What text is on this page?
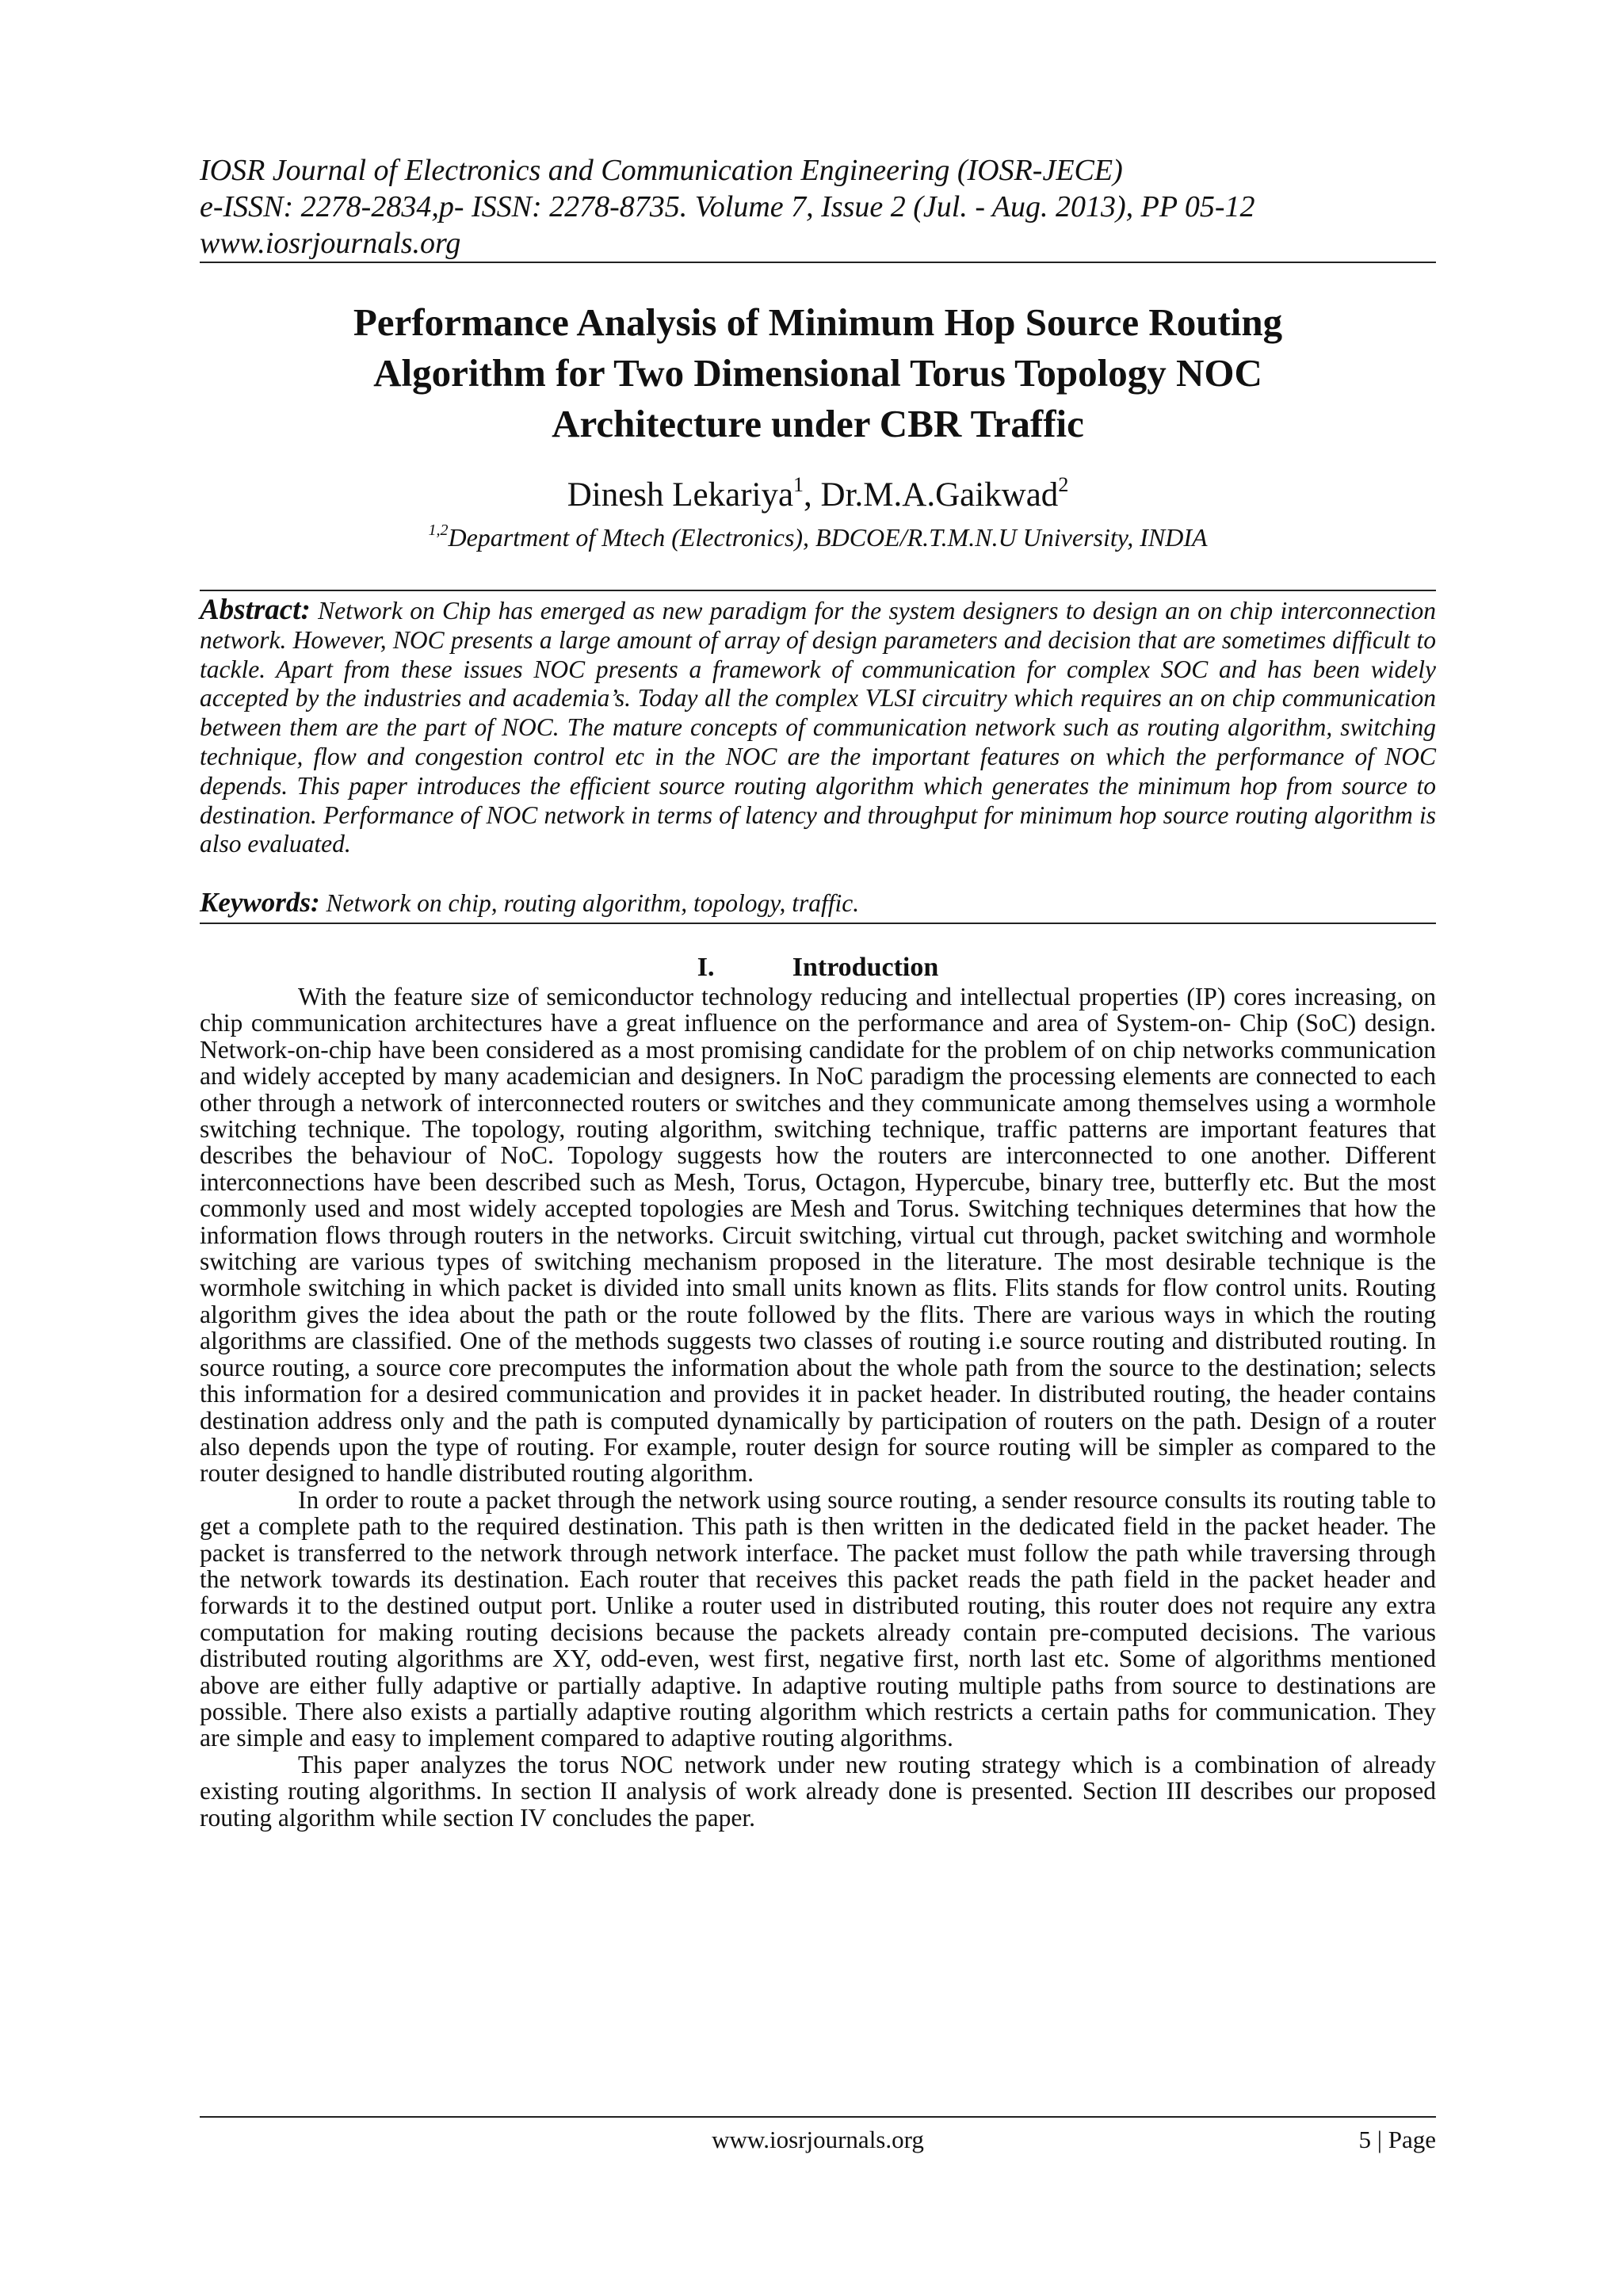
IOSR Journal of Electronics and Communication Engineering (IOSR-JECE)
e-ISSN: 2278-2834,p- ISSN: 2278-8735. Volume 7, Issue 2 (Jul. - Aug. 2013), PP 05-12
www.iosrjournals.org
Performance Analysis of Minimum Hop Source Routing
Algorithm for Two Dimensional Torus Topology NOC
Architecture under CBR Traffic
Dinesh Lekariya$^1$, Dr.M.A.Gaikwad$^2$
$^{1,2}$Department of Mtech (Electronics), BDCOE/R.T.M.N.U University, INDIA
Abstract: Network on Chip has emerged as new paradigm for the system designers to design an on chip interconnection network. However, NOC presents a large amount of array of design parameters and decision that are sometimes difficult to tackle. Apart from these issues NOC presents a framework of communication for complex SOC and has been widely accepted by the industries and academia’s. Today all the complex VLSI circuitry which requires an on chip communication between them are the part of NOC. The mature concepts of communication network such as routing algorithm, switching technique, flow and congestion control etc in the NOC are the important features on which the performance of NOC depends. This paper introduces the efficient source routing algorithm which generates the minimum hop from source to destination. Performance of NOC network in terms of latency and throughput for minimum hop source routing algorithm is also evaluated.
Keywords: Network on chip, routing algorithm, topology, traffic.
I.	Introduction

With the feature size of semiconductor technology reducing and intellectual properties (IP) cores increasing, on chip communication architectures have a great influence on the performance and area of System-on- Chip (SoC) design. Network-on-chip have been considered as a most promising candidate for the problem of on chip networks communication and widely accepted by many academician and designers. In NoC paradigm the processing elements are connected to each other through a network of interconnected routers or switches and they communicate among themselves using a wormhole switching technique. The topology, routing algorithm, switching technique, traffic patterns are important features that describes the behaviour of NoC. Topology suggests how the routers are interconnected to one another. Different interconnections have been described such as Mesh, Torus, Octagon, Hypercube, binary tree, butterfly etc. But the most commonly used and most widely accepted topologies are Mesh and Torus. Switching techniques determines that how the information flows through routers in the networks. Circuit switching, virtual cut through, packet switching and wormhole switching are various types of switching mechanism proposed in the literature. The most desirable technique is the wormhole switching in which packet is divided into small units known as flits. Flits stands for flow control units. Routing algorithm gives the idea about the path or the route followed by the flits. There are various ways in which the routing algorithms are classified. One of the methods suggests two classes of routing i.e source routing and distributed routing. In source routing, a source core precomputes the information about the whole path from the source to the destination; selects this information for a desired communication and provides it in packet header. In distributed routing, the header contains destination address only and the path is computed dynamically by participation of routers on the path. Design of a router also depends upon the type of routing. For example, router design for source routing will be simpler as compared to the router designed to handle distributed routing algorithm.

In order to route a packet through the network using source routing, a sender resource consults its routing table to get a complete path to the required destination. This path is then written in the dedicated field in the packet header. The packet is transferred to the network through network interface. The packet must follow the path while traversing through the network towards its destination. Each router that receives this packet reads the path field in the packet header and forwards it to the destined output port. Unlike a router used in distributed routing, this router does not require any extra computation for making routing decisions because the packets already contain pre-computed decisions. The various distributed routing algorithms are XY, odd-even, west first, negative first, north last etc. Some of algorithms mentioned above are either fully adaptive or partially adaptive. In adaptive routing multiple paths from source to destinations are possible. There also exists a partially adaptive routing algorithm which restricts a certain paths for communication. They are simple and easy to implement compared to adaptive routing algorithms.

This paper analyzes the torus NOC network under new routing strategy which is a combination of already existing routing algorithms. In section II analysis of work already done is presented. Section III describes our proposed routing algorithm while section IV concludes the paper.

www.iosrjournals.org	5 | Page
